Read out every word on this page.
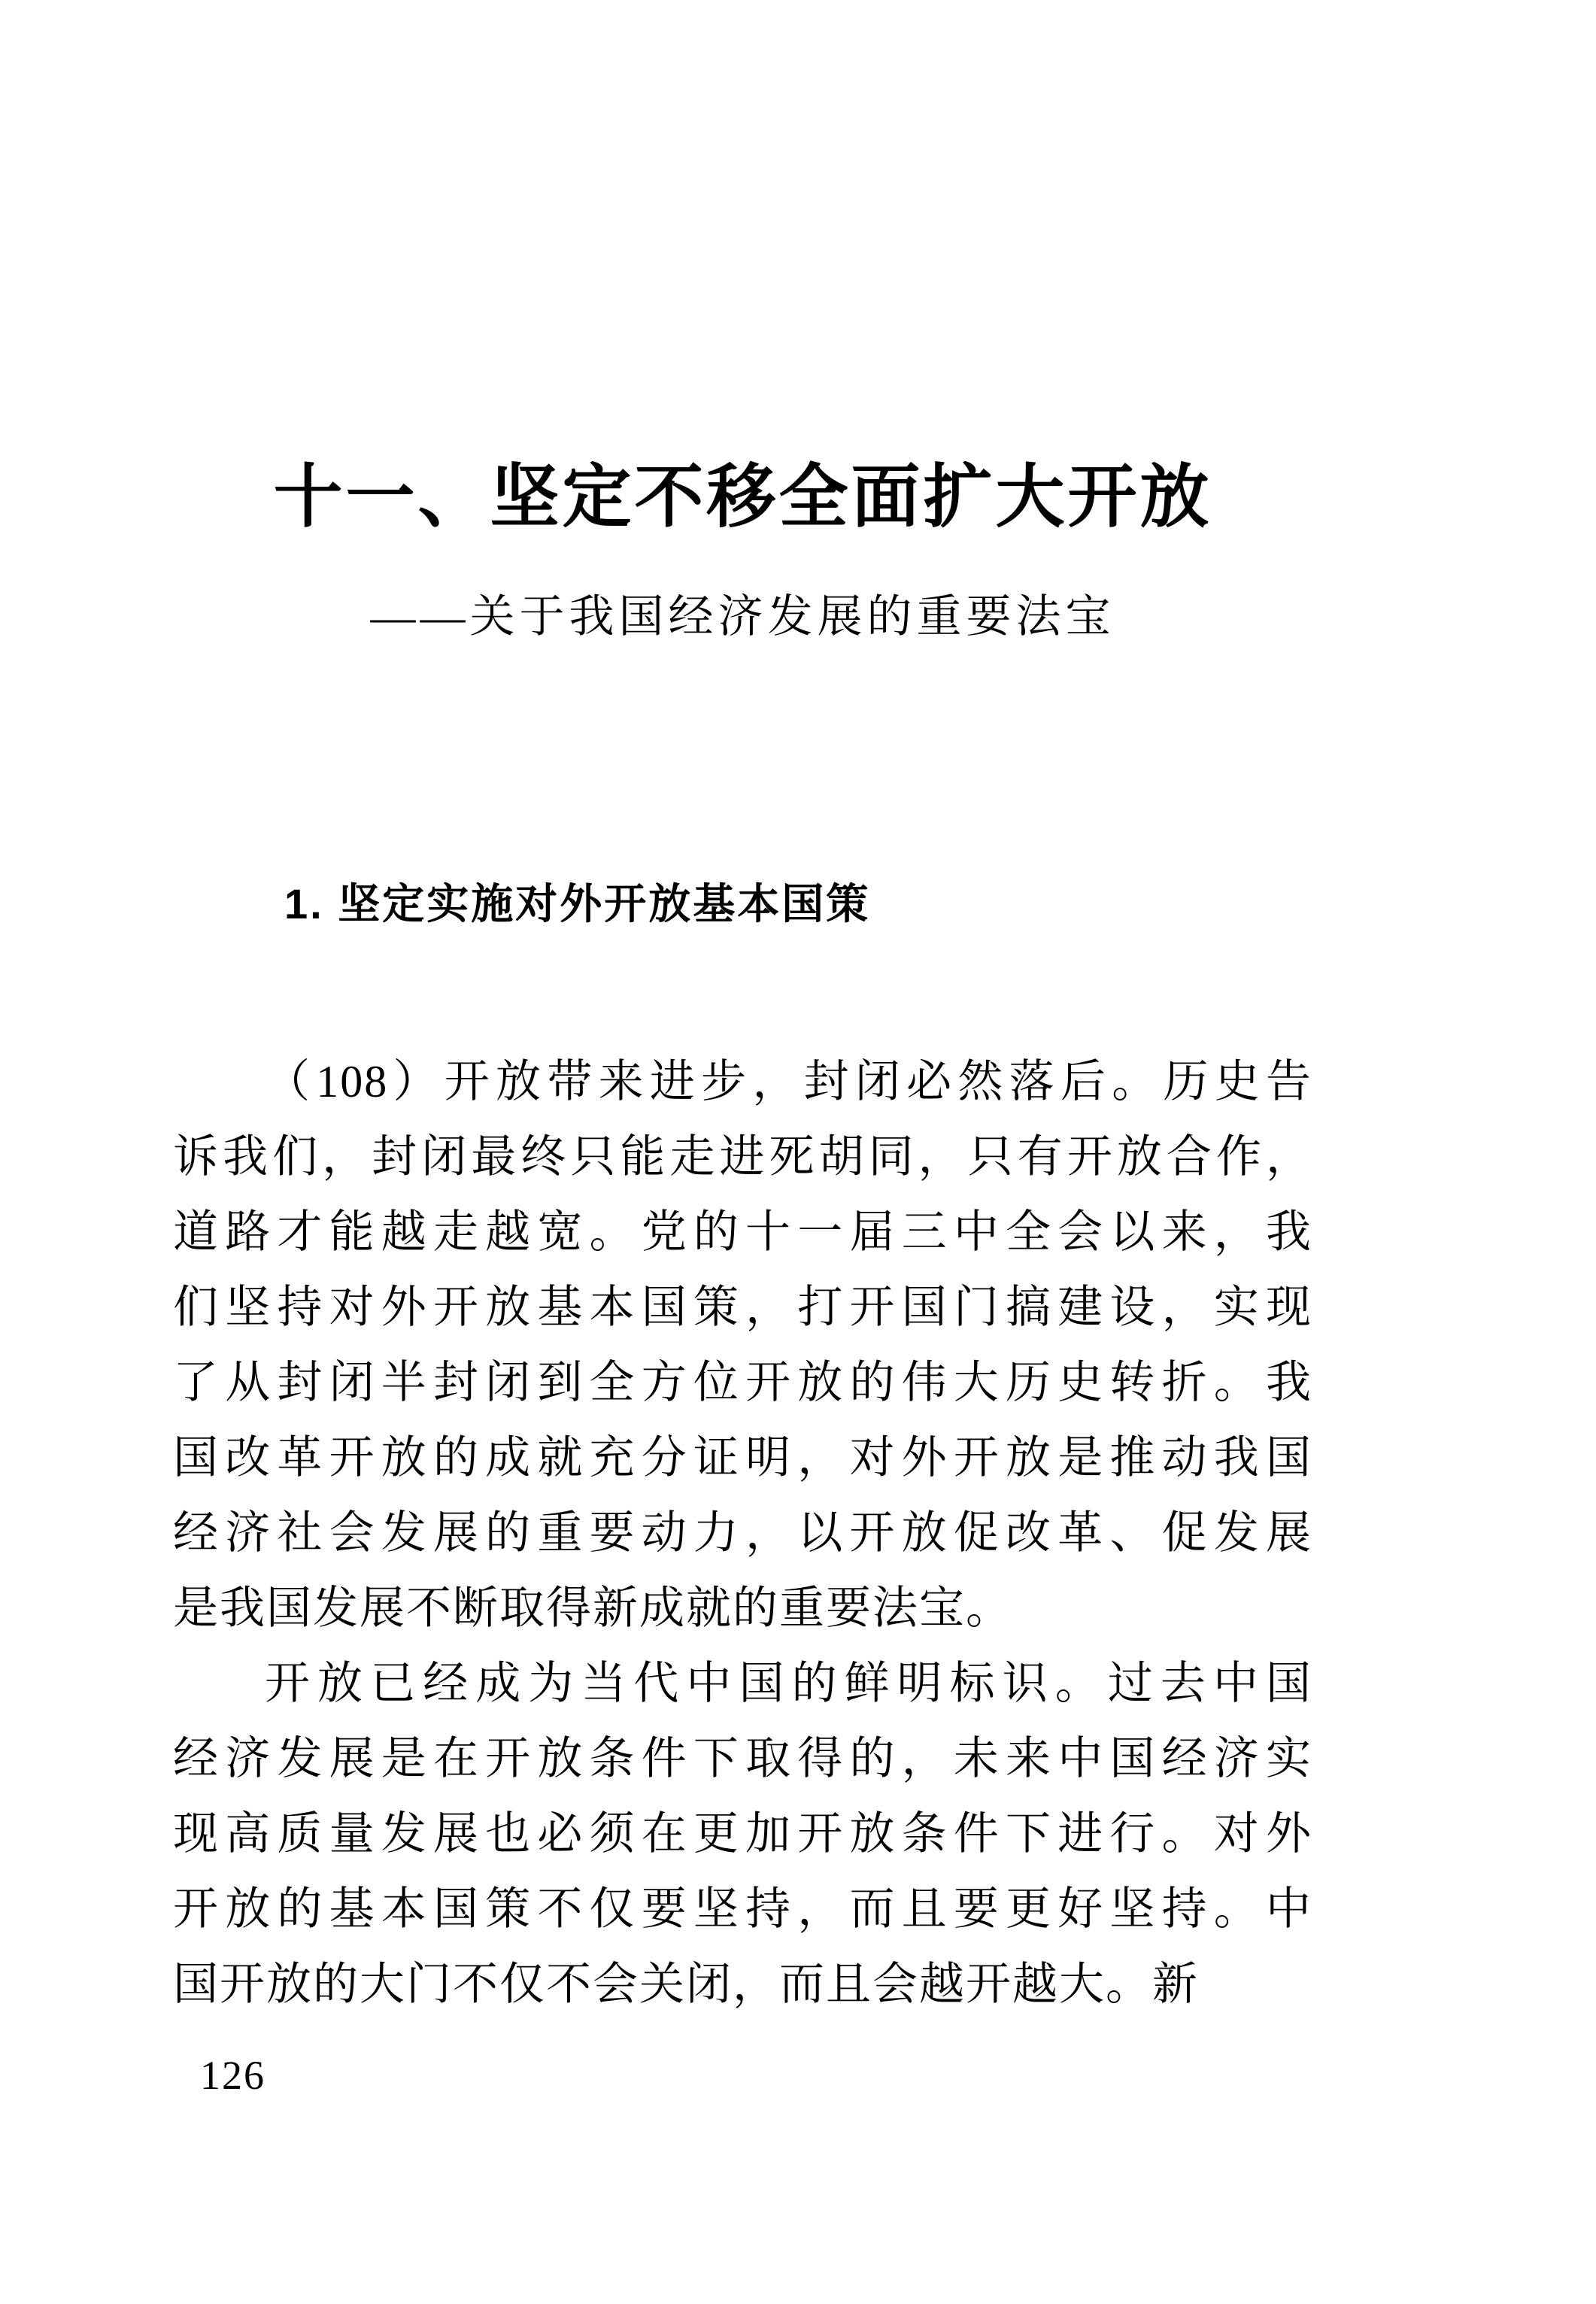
十一、坚定不移全面扩大开放
——关于我国经济发展的重要法宝
1. 坚定实施对外开放基本国策
（108）开放带来进步，封闭必然落后。历史告
诉我们，封闭最终只能走进死胡同，只有开放合作，
道路才能越走越宽。党的十一届三中全会以来，我
们坚持对外开放基本国策，打开国门搞建设，实现
了从封闭半封闭到全方位开放的伟大历史转折。我
国改革开放的成就充分证明，对外开放是推动我国
经济社会发展的重要动力，以开放促改革、促发展
是我国发展不断取得新成就的重要法宝。
开放已经成为当代中国的鲜明标识。过去中国
经济发展是在开放条件下取得的，未来中国经济实
现高质量发展也必须在更加开放条件下进行。对外
开放的基本国策不仅要坚持，而且要更好坚持。中
国开放的大门不仅不会关闭，而且会越开越大。新
126
